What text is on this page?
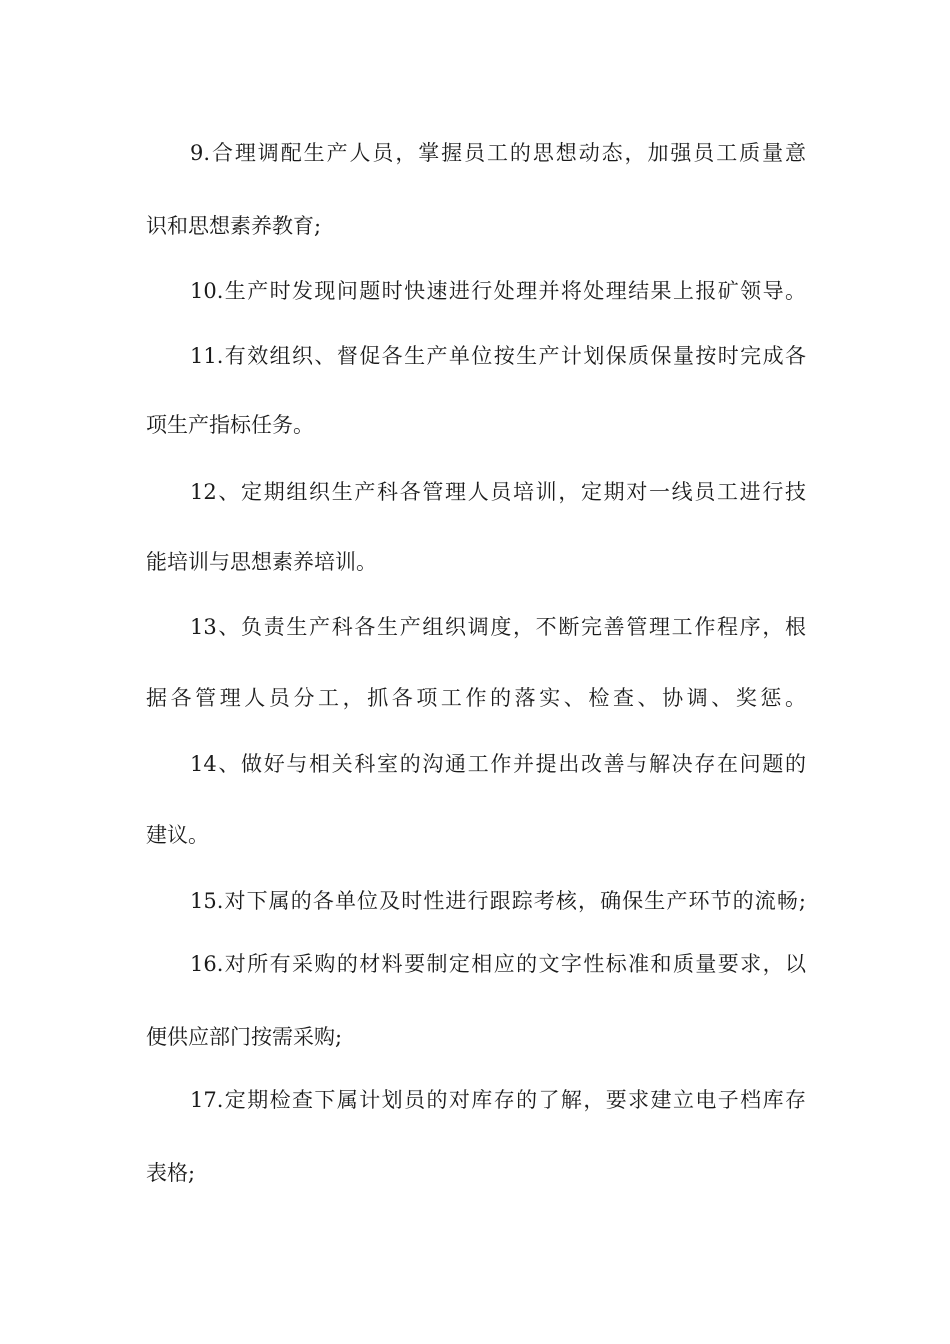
9.合理调配生产人员，掌握员工的思想动态，加强员工质量意
识和思想素养教育;
10.生产时发现问题时快速进行处理并将处理结果上报矿领导。
11.有效组织、督促各生产单位按生产计划保质保量按时完成各
项生产指标任务。
12、定期组织生产科各管理人员培训，定期对一线员工进行技
能培训与思想素养培训。
13、负责生产科各生产组织调度，不断完善管理工作程序，根
据各管理人员分工，抓各项工作的落实、检查、协调、奖惩。
14、做好与相关科室的沟通工作并提出改善与解决存在问题的
建议。
15.对下属的各单位及时性进行跟踪考核，确保生产环节的流畅;
16.对所有采购的材料要制定相应的文字性标准和质量要求，以
便供应部门按需采购;
17.定期检查下属计划员的对库存的了解，要求建立电子档库存
表格;
